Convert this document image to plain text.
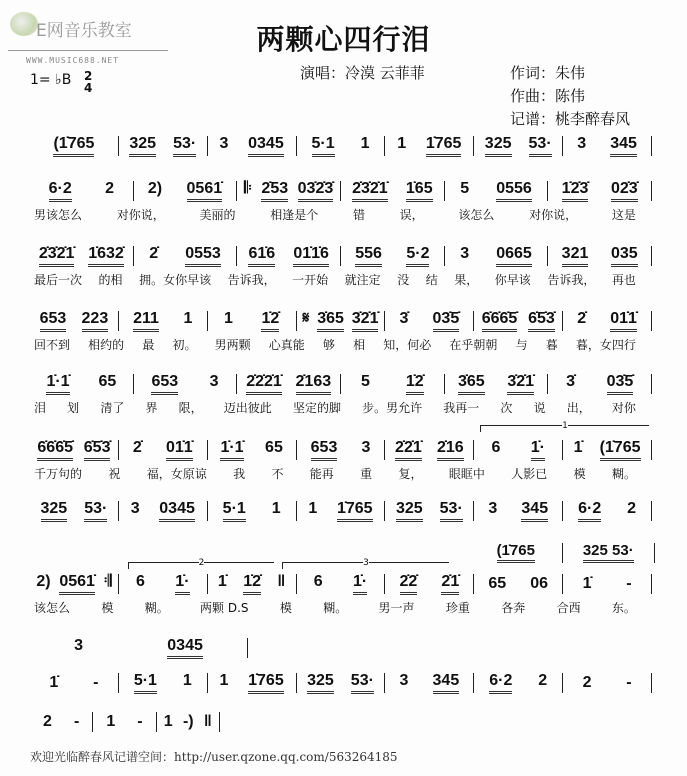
E网音乐教室
WWW.MUSIC688.NET
两颗心四行泪
1= ♭B 2
4
演唱：冷漠 云菲菲	作词：朱伟
作曲：陈伟
记谱：桃李醉春风
(1̇765 325 53· 3 0345 5·1 1 1 1̇765 325 53· 3 345
6·2 2 2) 0561̇ 𝄆 2̇53 03̇2̇3̇ 2̇3̇2̇1̇ 1̇65 5 0556 1̇2̇3̇ 02̇3̇
男该怎么	对你说，	美丽的	相逢是个	错	误，	该怎么	对你说，	这是
2̇3̇2̇1̇ 1̇632̇ 2̇ 0553 61̇6 01̇1̇6 556 5·2 3 0665 321 035
最后一次 的相 拥。女你早该 告诉我， 一开始 就注定 没 结 果， 你早该 告诉我， 再也
653 223 211 1 1 1̇2̇ 𝄋 3̇65 3̇2̇1̇ 3̇ 03̇5̇ 6̇6̇6̇5̇ 6̇5̇3̇ 2̇ 01̇1̇
回不到 相约的 最 初。 男两颗 心真能 够 相 知，何必 在乎朝朝 与 暮 暮，女四行
1̇·1̇ 65 653 3 2̇2̇2̇1̇ 2̇163 5 1̇2̇ 3̇65 3̇2̇1̇ 3̇ 03̇5̇
泪 划 清了 界 限， 迈出彼此 坚定的脚 步。男允许 我再一 次 说 出， 对你
6̇6̇6̇5̇ 6̇5̇3̇ 2̇ 01̇1̇ 1̇·1̇ 65 653 3 2̇2̇1̇ 2̇16 6 1̇· 1̇ (1̇765
千万句的 祝 福，女原谅 我 不 能再 重 复， 眼眶中 人影已 模 糊。
325 53· 3 0345 5·1 1 1 1̇765 325 53· 3 345 6·2 2
2) 0561̇ 𝄇 6 1̇· 1̇ 1̇2̇ ‖ 6 1̇· 2̇2̇ 2̇1̇ 65 06 1̇ -
该怎么	模	糊。	两颗 D.S	模	糊。	男一声	珍重	各奔	合西	东。
3	0345
1̇ - 5·1 1 1 1̇765 325 53· 3 345 6·2 2 2 -
2 - 1 - 1 -) ‖
(1̇765	325 53·
1
2	3
欢迎光临醉春风记谱空间：http://user.qzone.qq.com/563264185
